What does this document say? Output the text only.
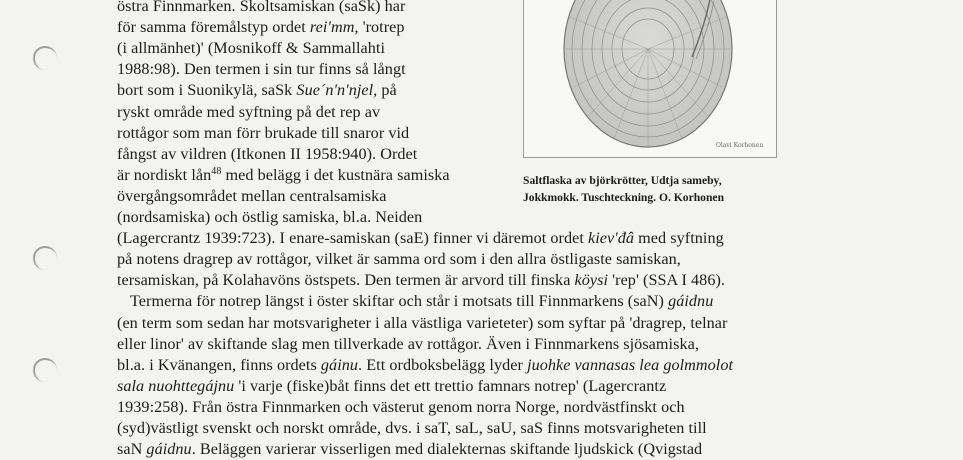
östra Finnmarken. Skoltsamiskan (saSk) har
för samma föremålstyp ordet rei'mm, 'rotrep
(i allmänhet)' (Mosnikoff & Sammallahti
1988:98). Den termen i sin tur finns så långt
bort som i Suonikylä, saSk Sue´n'n'njel, på
ryskt område med syftning på det rep av
rottågor som man förr brukade till snaror vid
fångst av vildren (Itkonen II 1958:940). Ordet
är nordiskt lån$^{48}$ med belägg i det kustnära samiska
övergångsområdet mellan centralsamiska
(nordsamiska) och östlig samiska, bl.a. Neiden
(Lagercrantz 1939:723). I enare-samiskan (saE) finner vi däremot ordet kiev'đâ med syftning
på notens dragrep av rottågor, vilket är samma ord som i den allra östligaste samiskan,
tersamiskan, på Kolahavöns östspets. Den termen är arvord till finska köysi 'rep' (SSA I 486).
Termerna för notrep längst i öster skiftar och står i motsats till Finnmarkens (saN) gáidnu
(en term som sedan har motsvarigheter i alla västliga varieteter) som syftar på 'dragrep, telnar
eller linor' av skiftande slag men tillverkade av rottågor. Även i Finnmarkens sjösamiska,
bl.a. i Kvänangen, finns ordets gáinu. Ett ordboksbelägg lyder juohke vannasas lea golmmolot
sala nuohttegájnu 'i varje (fiske)båt finns det ett trettio famnars notrep' (Lagercrantz
1939:258). Från östra Finnmarken och västerut genom norra Norge, nordvästfinskt och
(syd)västligt svenskt och norskt område, dvs. i saT, saL, saU, saS finns motsvarigheten till
saN gáidnu. Beläggen varierar visserligen med dialekternas skiftande ljudskick (Qvigstad
Olavi Korhonen
Saltflaska av björkrötter, Udtja sameby,
Jokkmokk. Tuschteckning. O. Korhonen
